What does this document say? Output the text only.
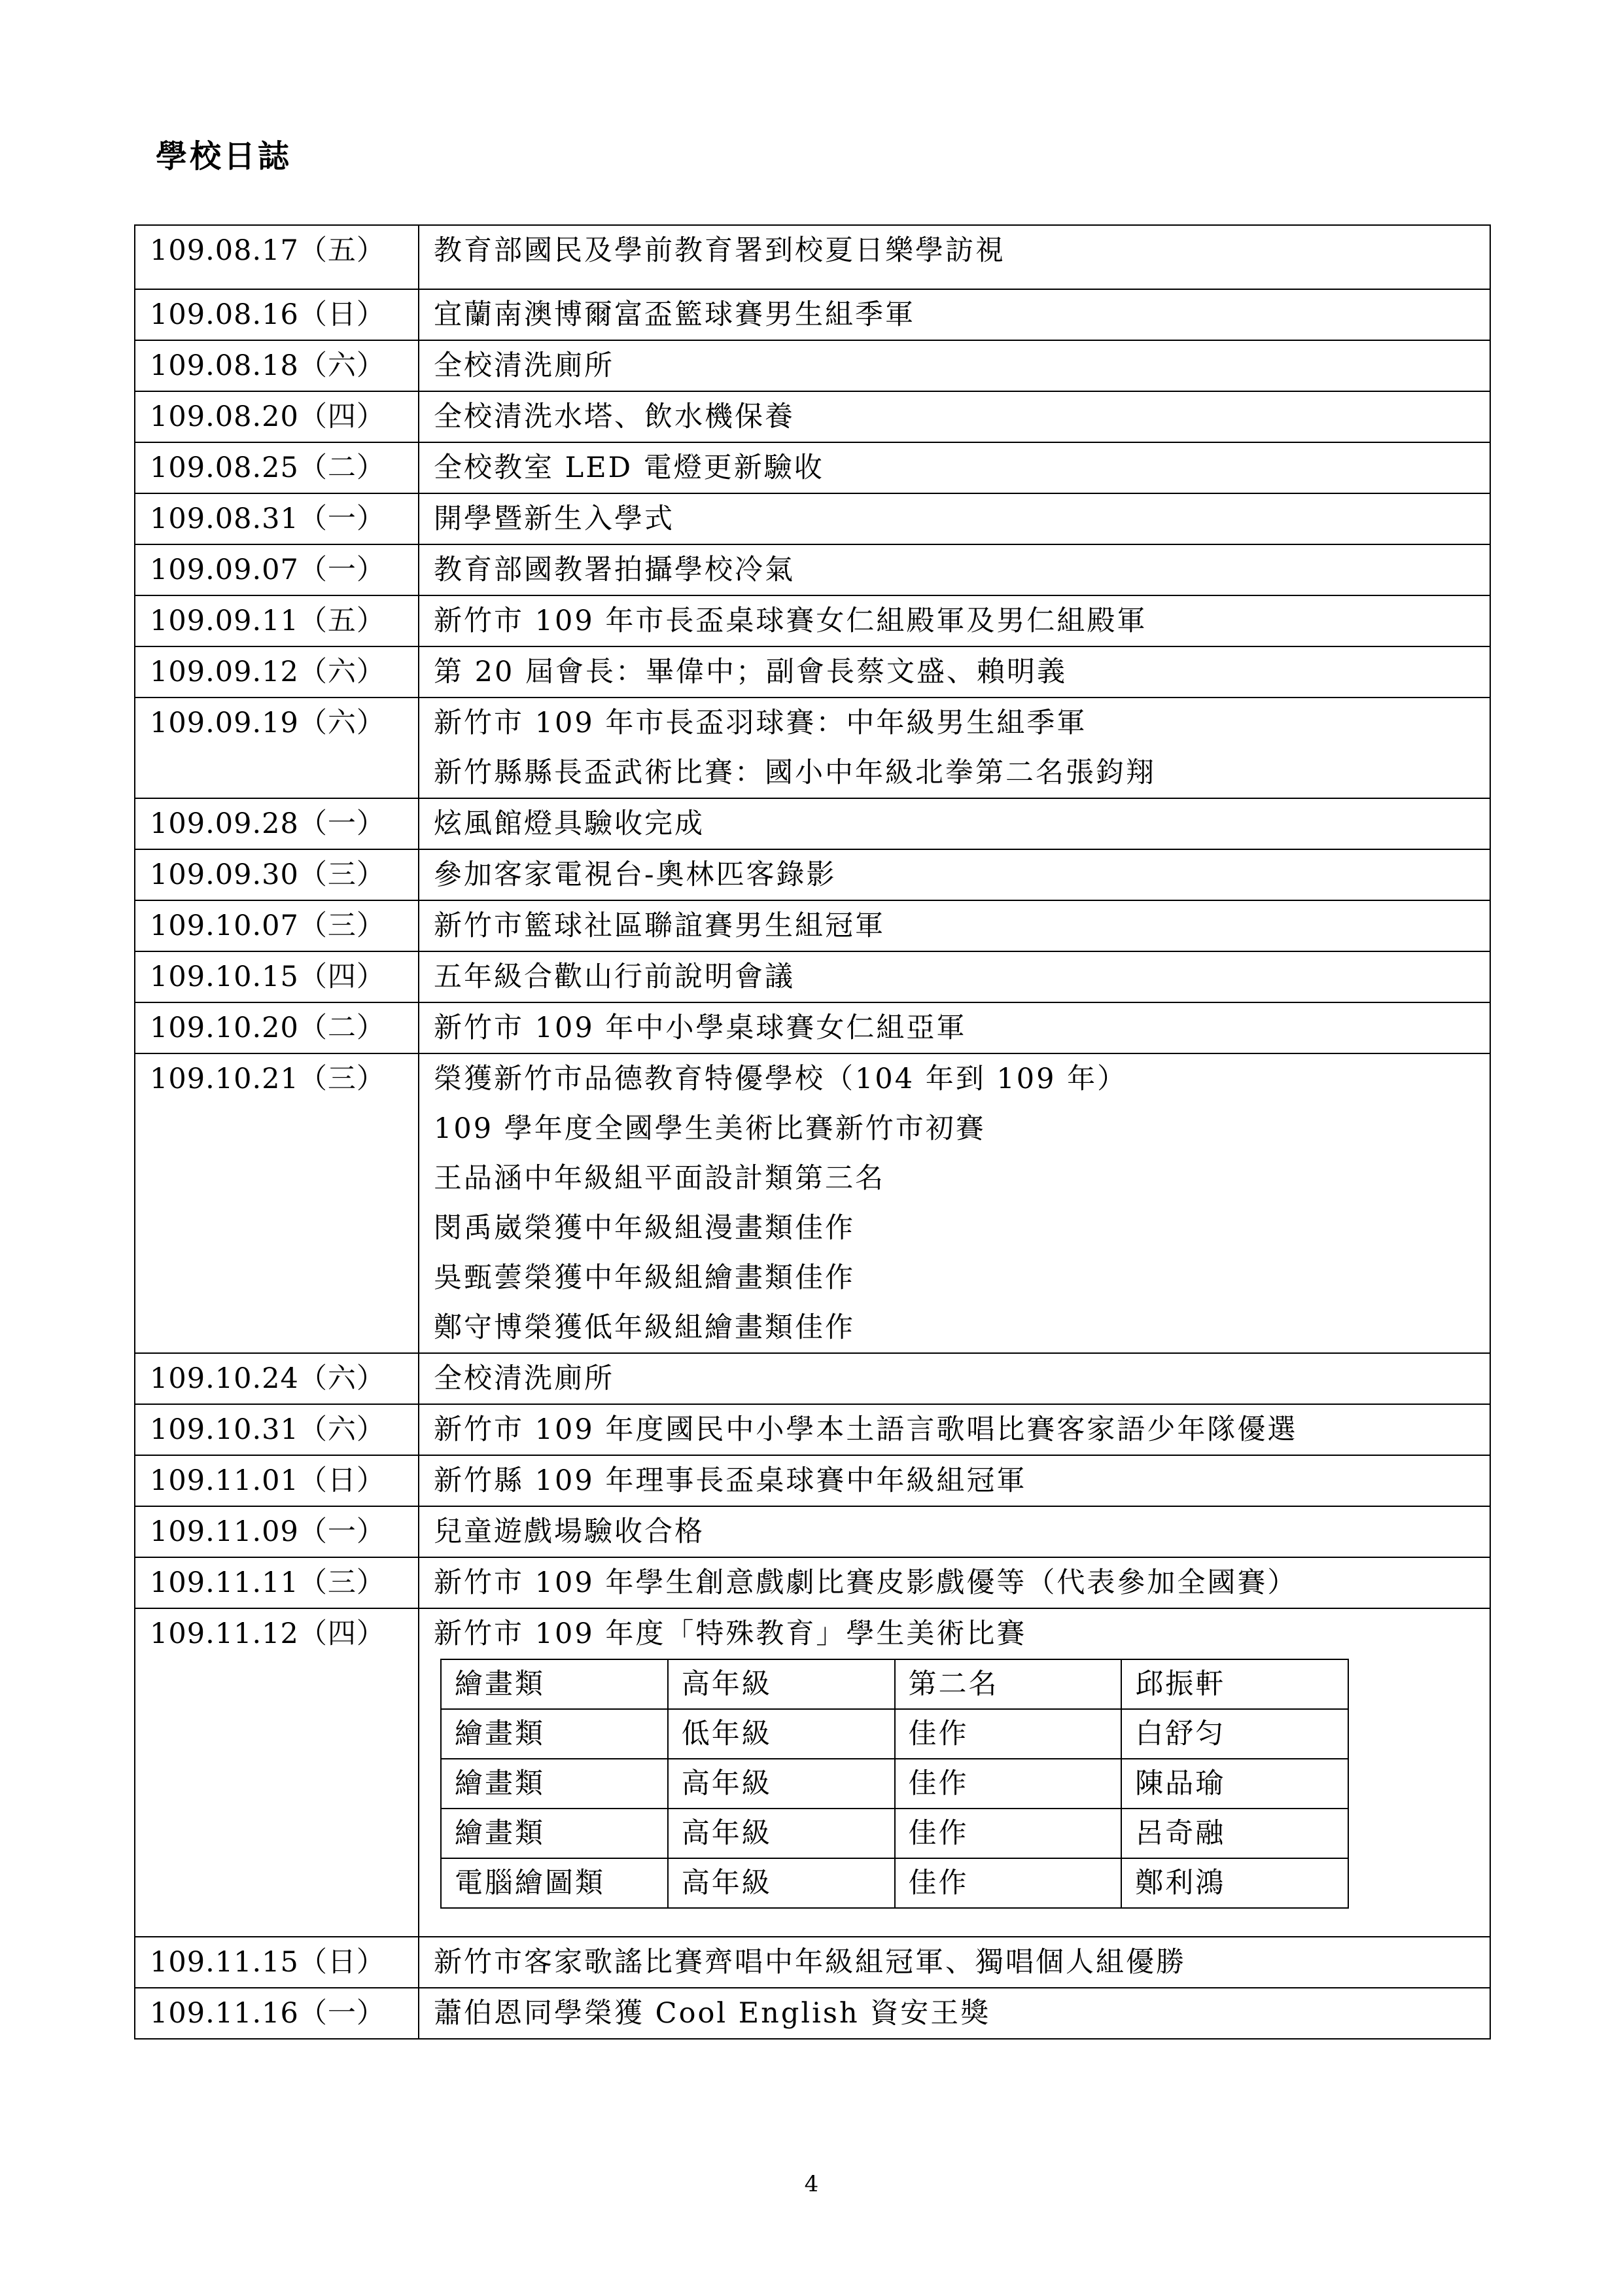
學校日誌
109.08.17（五）	教育部國民及學前教育署到校夏日樂學訪視

109.08.16（日）	宜蘭南澳博爾富盃籃球賽男生組季軍

109.08.18（六）	全校清洗廁所

109.08.20（四）	全校清洗水塔、飲水機保養

109.08.25（二）	全校教室 LED 電燈更新驗收

109.08.31（一）	開學暨新生入學式

109.09.07（一）	教育部國教署拍攝學校冷氣

109.09.11（五）	新竹市 109 年市長盃桌球賽女仁組殿軍及男仁組殿軍

109.09.12（六）	第 20 屆會長：畢偉中；副會長蔡文盛、賴明義

109.09.19（六）	新竹市 109 年市長盃羽球賽：中年級男生組季軍
新竹縣縣長盃武術比賽：國小中年級北拳第二名張鈞翔

109.09.28（一）	炫風館燈具驗收完成

109.09.30（三）	參加客家電視台-奧林匹客錄影

109.10.07（三）	新竹市籃球社區聯誼賽男生組冠軍

109.10.15（四）	五年級合歡山行前說明會議

109.10.20（二）	新竹市 109 年中小學桌球賽女仁組亞軍

109.10.21（三）	榮獲新竹市品德教育特優學校（104 年到 109 年）
109 學年度全國學生美術比賽新竹市初賽
王品涵中年級組平面設計類第三名
閔禹崴榮獲中年級組漫畫類佳作
吳甄蕓榮獲中年級組繪畫類佳作
鄭守博榮獲低年級組繪畫類佳作

109.10.24（六）	全校清洗廁所

109.10.31（六）	新竹市 109 年度國民中小學本土語言歌唱比賽客家語少年隊優選

109.11.01（日）	新竹縣 109 年理事長盃桌球賽中年級組冠軍

109.11.09（一）	兒童遊戲場驗收合格

109.11.11（三）	新竹市 109 年學生創意戲劇比賽皮影戲優等（代表參加全國賽）

109.11.12（四）	新竹市 109 年度「特殊教育」學生美術比賽
繪畫類	高年級	第二名	邱振軒
繪畫類	低年級	佳作	白舒匀
繪畫類	高年級	佳作	陳品瑜
繪畫類	高年級	佳作	呂奇融
電腦繪圖類	高年級	佳作	鄭利鴻

109.11.15（日）	新竹市客家歌謠比賽齊唱中年級組冠軍、獨唱個人組優勝

109.11.16（一）	蕭伯恩同學榮獲 Cool English 資安王獎
4
